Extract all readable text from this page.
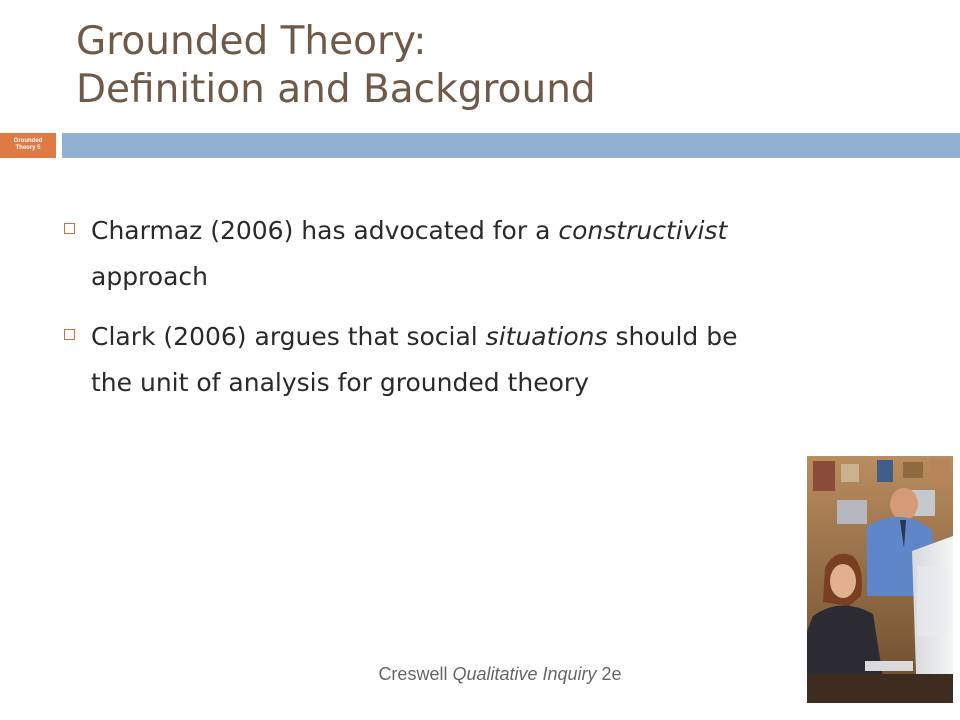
Grounded Theory:
Definition and Background
Grounded
Theory 5
Charmaz (2006) has advocated for a constructivist approach
Clark (2006) argues that social situations should be the unit of analysis for grounded theory
Creswell Qualitative Inquiry 2e
